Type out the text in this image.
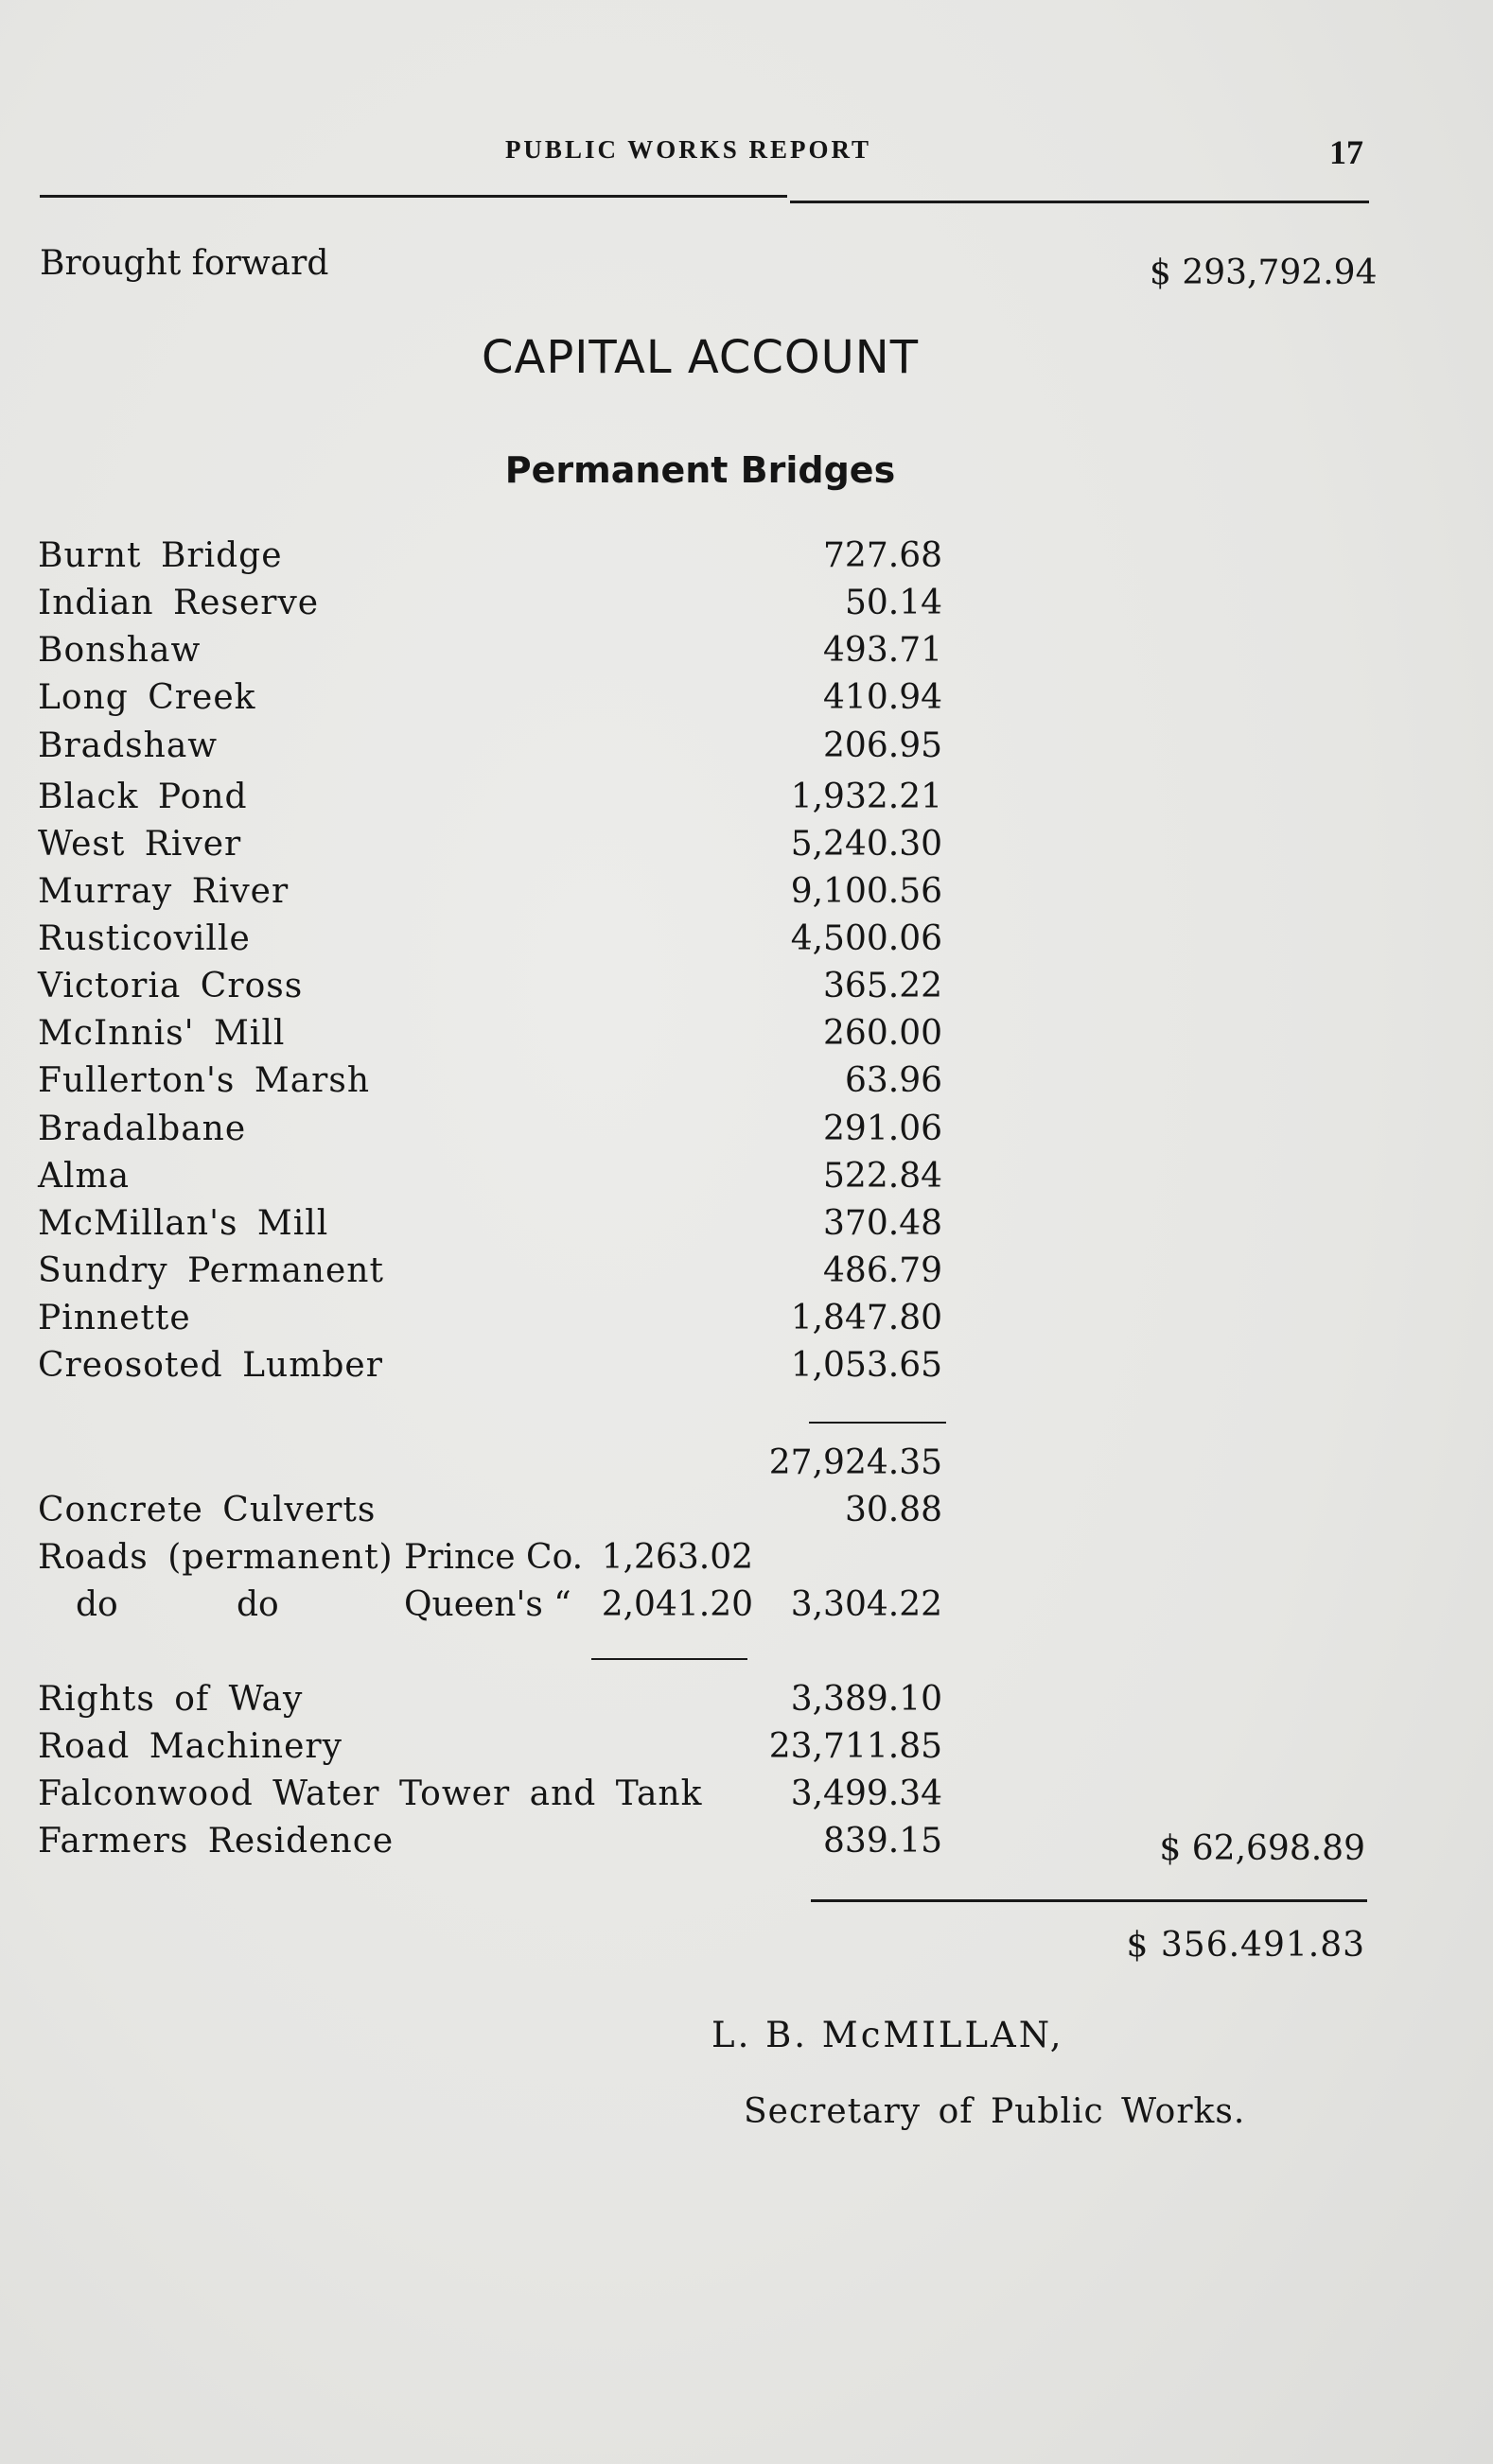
PUBLIC WORKS REPORT	17
Brought forward	$ 293,792.94
CAPITAL ACCOUNT
Permanent Bridges
Burnt Bridge	727.68
Indian Reserve	50.14
Bonshaw	493.71
Long Creek	410.94
Bradshaw	206.95
Black Pond	1,932.21
West River	5,240.30
Murray River	9,100.56
Rusticoville	4,500.06
Victoria Cross	365.22
McInnis' Mill	260.00
Fullerton's Marsh	63.96
Bradalbane	291.06
Alma	522.84
McMillan's Mill	370.48
Sundry Permanent	486.79
Pinnette	1,847.80
Creosoted Lumber	1,053.65
27,924.35
Concrete Culverts	30.88
Roads (permanent) Prince Co. 1,263.02
do	do	Queen's “ 2,041.20 3,304.22
Rights of Way	3,389.10
Road Machinery	23,711.85
Falconwood Water Tower and Tank	3,499.34
Farmers Residence	839.15	$ 62,698.89
$ 356.491.83
L. B. McMILLAN,
Secretary of Public Works.
